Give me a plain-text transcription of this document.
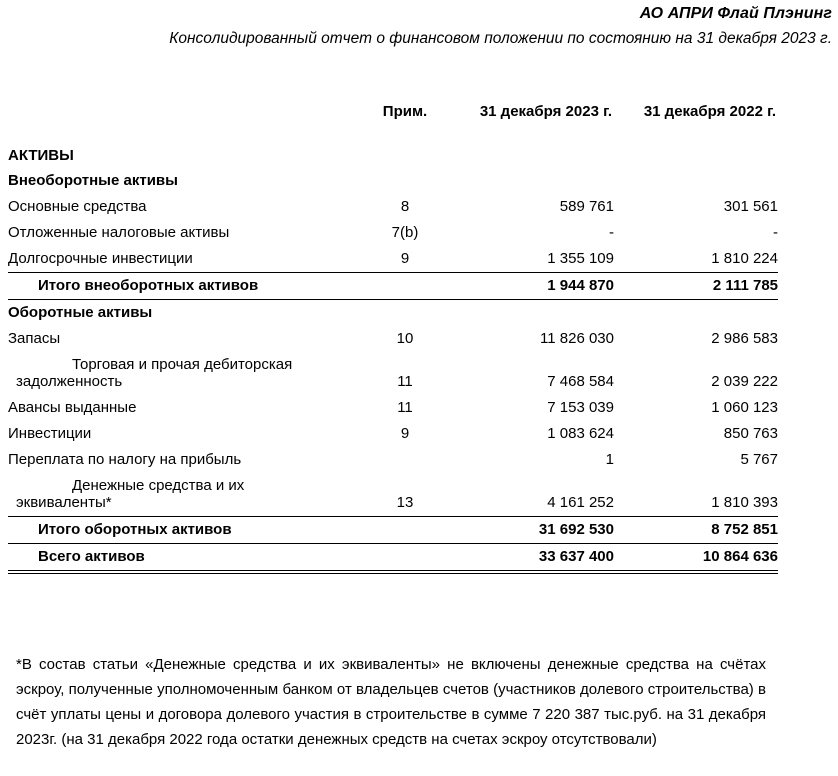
АО АПРИ Флай Плэнинг
Консолидированный отчет о финансовом положении по состоянию на 31 декабря 2023 г.
	Прим.	31 декабря 2023 г.	31 декабря 2022 г.

АКТИВЫ			
Внеоборотные активы			
Основные средства	8	589 761	301 561
Отложенные налоговые активы	7(b)	-	-
Долгосрочные инвестиции	9	1 355 109	1 810 224
Итого внеоборотных активов		1 944 870	2 111 785
Оборотные активы			
Запасы	10	11 826 030	2 986 583
Торговая и прочая дебиторская			
задолженность	11	7 468 584	2 039 222
Авансы выданные	11	7 153 039	1 060 123
Инвестиции	9	1 083 624	850 763
Переплата по налогу на прибыль		1	5 767
Денежные средства и их			
эквиваленты*	13	4 161 252	1 810 393
Итого оборотных активов		31 692 530	8 752 851
Всего активов		33 637 400	10 864 636
*В состав статьи «Денежные средства и их эквиваленты» не включены денежные средства на счётах эскроу, полученные уполномоченным банком от владельцев счетов (участников долевого строительства) в счёт уплаты цены и договора долевого участия в строительстве в сумме 7 220 387 тыс.руб. на 31 декабря 2023г. (на 31 декабря 2022 года остатки денежных средств на счетах эскроу отсутствовали)
